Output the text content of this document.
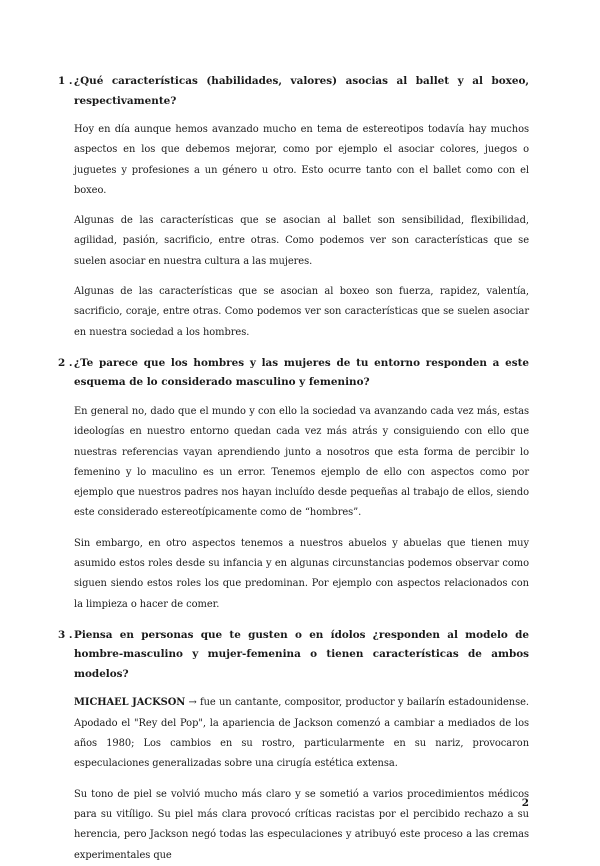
1 . ¿Qué características (habilidades, valores) asocias al ballet y al boxeo, respectivamente?

Hoy en día aunque hemos avanzado mucho en tema de estereotipos todavía hay muchos aspectos en los que debemos mejorar, como por ejemplo el asociar colores, juegos o juguetes y profesiones a un género u otro. Esto ocurre tanto con el ballet como con el boxeo.

Algunas de las características que se asocian al ballet son sensibilidad, flexibilidad, agilidad, pasión, sacrificio, entre otras. Como podemos ver son características que se suelen asociar en nuestra cultura a las mujeres.

Algunas de las características que se asocian al boxeo son fuerza, rapidez, valentía, sacrificio, coraje, entre otras. Como podemos ver son características que se suelen asociar en nuestra sociedad a los hombres.

2 . ¿Te parece que los hombres y las mujeres de tu entorno responden a este esquema de lo considerado masculino y femenino?

En general no, dado que el mundo y con ello la sociedad va avanzando cada vez más, estas ideologías en nuestro entorno quedan cada vez más atrás y consiguiendo con ello que nuestras referencias vayan aprendiendo junto a nosotros que esta forma de percibir lo femenino y lo maculino es un error. Tenemos ejemplo de ello con aspectos como por ejemplo que nuestros padres nos hayan incluído desde pequeñas al trabajo de ellos, siendo este considerado estereotípicamente como de “hombres”.

Sin embargo, en otro aspectos tenemos a nuestros abuelos y abuelas que tienen muy asumido estos roles desde su infancia y en algunas circunstancias podemos observar como siguen siendo estos roles los que predominan. Por ejemplo con aspectos relacionados con la limpieza o hacer de comer.

3 . Piensa en personas que te gusten o en ídolos ¿responden al modelo de hombre-masculino y mujer-femenina o tienen características de ambos modelos?

MICHAEL JACKSON → fue un cantante, compositor, productor y bailarín estadounidense. Apodado el "Rey del Pop", la apariencia de Jackson comenzó a cambiar a mediados de los años 1980; Los cambios en su rostro, particularmente en su nariz, provocaron especulaciones generalizadas sobre una cirugía estética extensa.

Su tono de piel se volvió mucho más claro y se sometió a varios procedimientos médicos para su vitíligo. Su piel más clara provocó críticas racistas por el percibido rechazo a su herencia, pero Jackson negó todas las especulaciones y atribuyó este proceso a las cremas experimentales que

2
